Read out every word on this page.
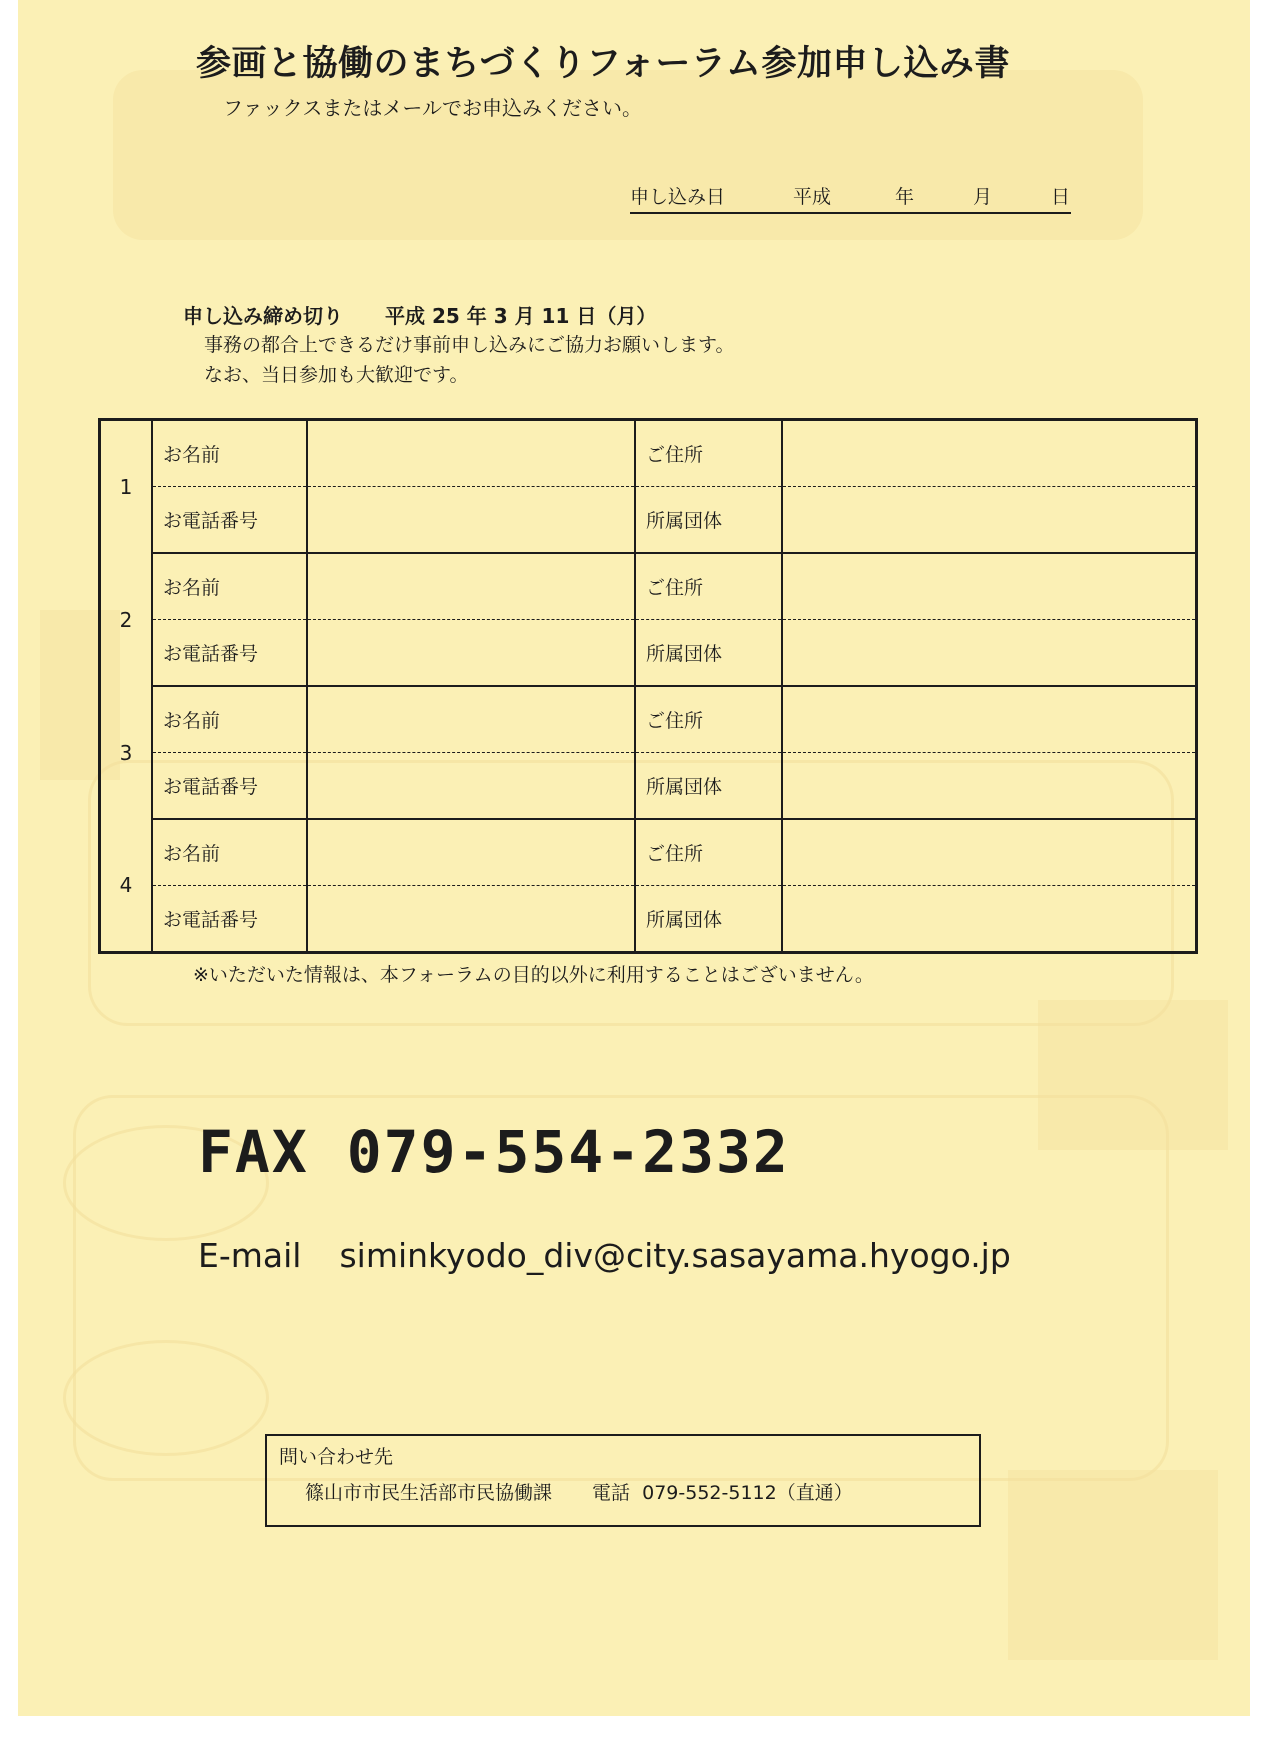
参画と協働のまちづくりフォーラム参加申し込み書
ファックスまたはメールでお申込みください。
申し込み日	平成	年	月	日
申し込み締め切り 平成 25 年 3 月 11 日（月）
事務の都合上できるだけ事前申し込みにご協力お願いします。
なお、当日参加も大歓迎です。
1	お名前		ご住所	
	お電話番号		所属団体	
2	お名前		ご住所	
	お電話番号		所属団体	
3	お名前		ご住所	
	お電話番号		所属団体	
4	お名前		ご住所	
	お電話番号		所属団体	
※いただいた情報は、本フォーラムの目的以外に利用することはございません。
FAX 079-554-2332
E-mail siminkyodo_div@city.sasayama.hyogo.jp
問い合わせ先
篠山市市民生活部市民協働課 電話 079-552-5112（直通）
